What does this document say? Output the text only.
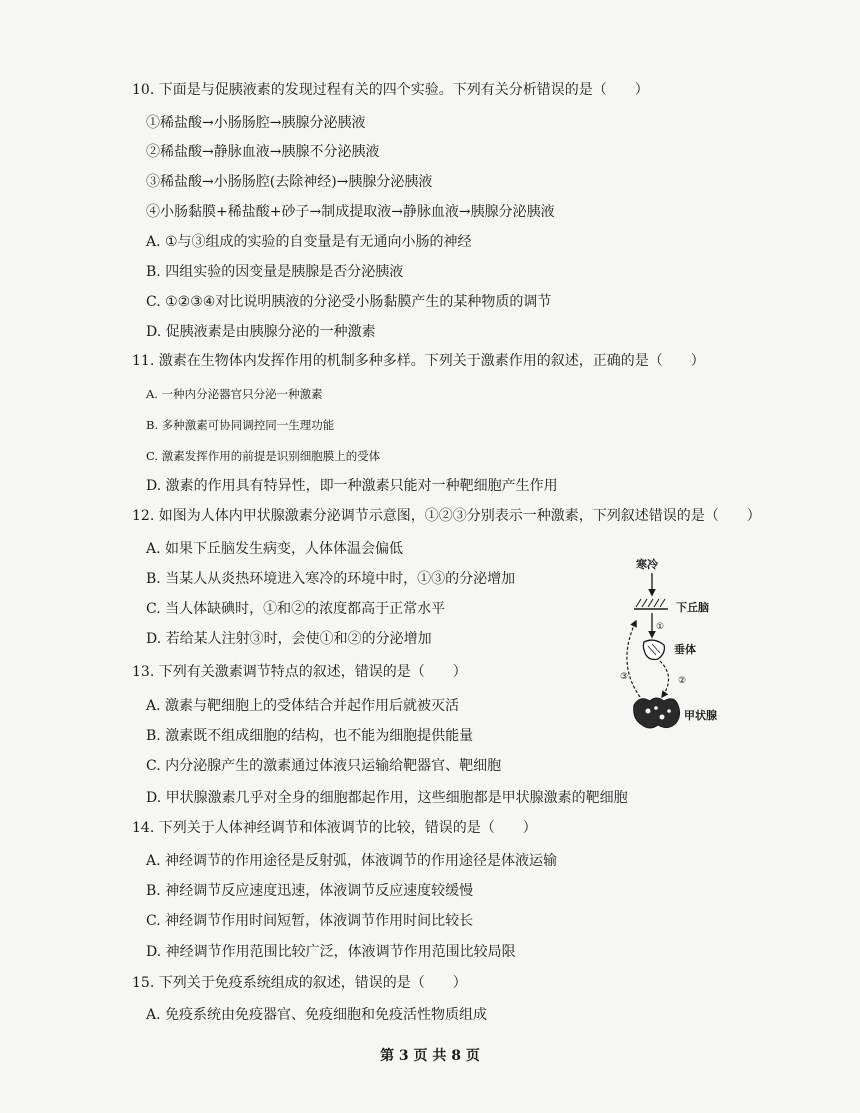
10. 下面是与促胰液素的发现过程有关的四个实验。下列有关分析错误的是（　　）
①稀盐酸→小肠肠腔→胰腺分泌胰液
②稀盐酸→静脉血液→胰腺不分泌胰液
③稀盐酸→小肠肠腔(去除神经)→胰腺分泌胰液
④小肠黏膜+稀盐酸+砂子→制成提取液→静脉血液→胰腺分泌胰液
A. ①与③组成的实验的自变量是有无通向小肠的神经
B. 四组实验的因变量是胰腺是否分泌胰液
C. ①②③④对比说明胰液的分泌受小肠黏膜产生的某种物质的调节
D. 促胰液素是由胰腺分泌的一种激素
11. 激素在生物体内发挥作用的机制多种多样。下列关于激素作用的叙述，正确的是（　　）
A. 一种内分泌器官只分泌一种激素
B. 多种激素可协同调控同一生理功能
C. 激素发挥作用的前提是识别细胞膜上的受体
D. 激素的作用具有特异性，即一种激素只能对一种靶细胞产生作用
12. 如图为人体内甲状腺激素分泌调节示意图，①②③分别表示一种激素，下列叙述错误的是（　　）
A. 如果下丘脑发生病变，人体体温会偏低
B. 当某人从炎热环境进入寒冷的环境中时，①③的分泌增加
C. 当人体缺碘时，①和②的浓度都高于正常水平
D. 若给某人注射③时，会使①和②的分泌增加
寒冷
下丘脑
①
垂体
②
③
甲状腺
13. 下列有关激素调节特点的叙述，错误的是（　　）
A. 激素与靶细胞上的受体结合并起作用后就被灭活
B. 激素既不组成细胞的结构，也不能为细胞提供能量
C. 内分泌腺产生的激素通过体液只运输给靶器官、靶细胞
D. 甲状腺激素几乎对全身的细胞都起作用，这些细胞都是甲状腺激素的靶细胞
14. 下列关于人体神经调节和体液调节的比较，错误的是（　　）
A. 神经调节的作用途径是反射弧，体液调节的作用途径是体液运输
B. 神经调节反应速度迅速，体液调节反应速度较缓慢
C. 神经调节作用时间短暂，体液调节作用时间比较长
D. 神经调节作用范围比较广泛，体液调节作用范围比较局限
15. 下列关于免疫系统组成的叙述，错误的是（　　）
A. 免疫系统由免疫器官、免疫细胞和免疫活性物质组成
第 3 页 共 8 页
